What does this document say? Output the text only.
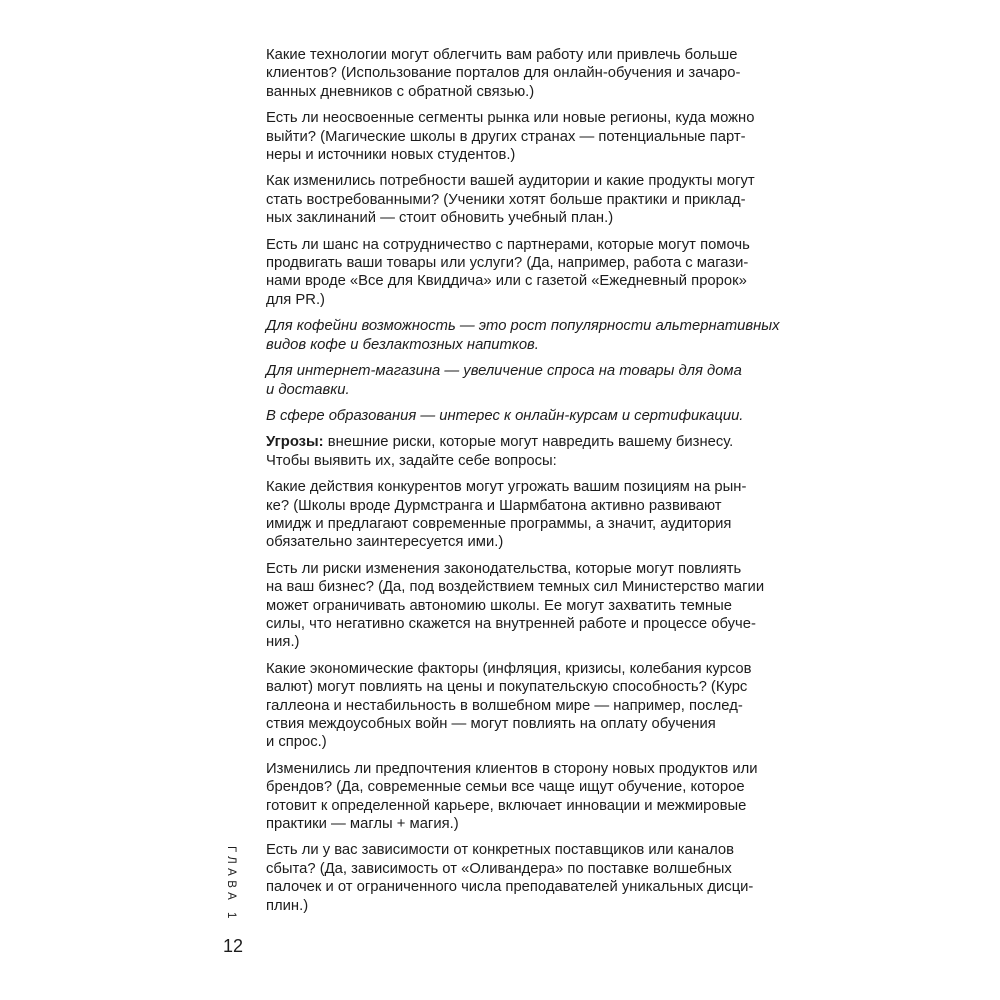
Какие технологии могут облегчить вам работу или привлечь больше
клиентов? (Использование порталов для онлайн-обучения и зачаро-
ванных дневников с обратной связью.)

Есть ли неосвоенные сегменты рынка или новые регионы, куда можно
выйти? (Магические школы в других странах — потенциальные парт-
неры и источники новых студентов.)

Как изменились потребности вашей аудитории и какие продукты могут
стать востребованными? (Ученики хотят больше практики и приклад-
ных заклинаний — стоит обновить учебный план.)

Есть ли шанс на сотрудничество с партнерами, которые могут помочь
продвигать ваши товары или услуги? (Да, например, работа с магази-
нами вроде «Все для Квиддича» или с газетой «Ежедневный пророк»
для PR.)

Для кофейни возможность — это рост популярности альтернативных
видов кофе и безлактозных напитков.

Для интернет-магазина — увеличение спроса на товары для дома
и доставки.

В сфере образования — интерес к онлайн-курсам и сертификации.

Угрозы: внешние риски, которые могут навредить вашему бизнесу.
Чтобы выявить их, задайте себе вопросы:

Какие действия конкурентов могут угрожать вашим позициям на рын-
ке? (Школы вроде Дурмстранга и Шармбатона активно развивают
имидж и предлагают современные программы, а значит, аудитория
обязательно заинтересуется ими.)

Есть ли риски изменения законодательства, которые могут повлиять
на ваш бизнес? (Да, под воздействием темных сил Министерство магии
может ограничивать автономию школы. Ее могут захватить темные
силы, что негативно скажется на внутренней работе и процессе обуче-
ния.)

Какие экономические факторы (инфляция, кризисы, колебания курсов
валют) могут повлиять на цены и покупательскую способность? (Курс
галлеона и нестабильность в волшебном мире — например, послед-
ствия междоусобных войн — могут повлиять на оплату обучения
и спрос.)

Изменились ли предпочтения клиентов в сторону новых продуктов или
брендов? (Да, современные семьи все чаще ищут обучение, которое
готовит к определенной карьере, включает инновации и межмировые
практики — маглы + магия.)

Есть ли у вас зависимости от конкретных поставщиков или каналов
сбыта? (Да, зависимость от «Оливандера» по поставке волшебных
палочек и от ограниченного числа преподавателей уникальных дисци-
плин.)

ГЛАВА 1
12
